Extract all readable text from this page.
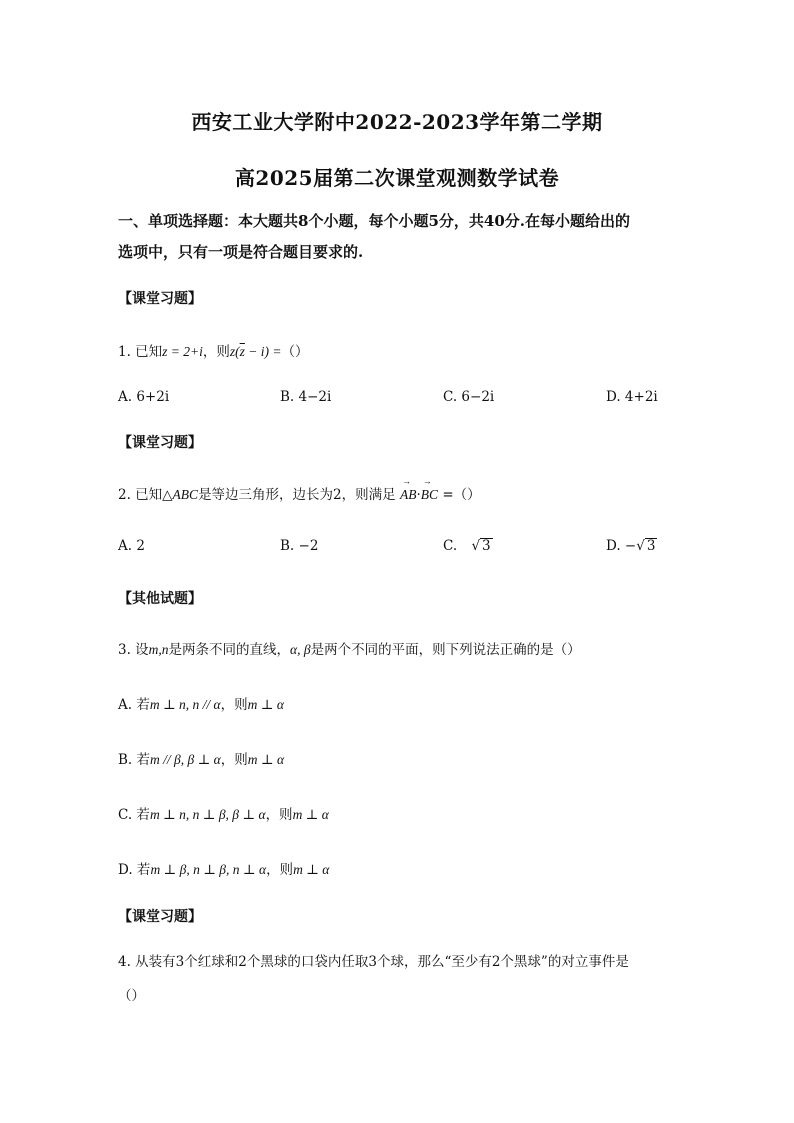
西安工业大学附中2022-2023学年第二学期
高2025届第二次课堂观测数学试卷
一、单项选择题：本大题共8个小题，每个小题5分，共40分.在每小题给出的
选项中，只有一项是符合题目要求的.
【课堂习题】
1. 已知z = 2+i，则$z(\overline{z} - i)$ =（）
A. 6+2i	B. 4−2i	C. 6−2i	D. 4+2i
【课堂习题】
2. 已知△ABC是等边三角形，边长为2，则满足 → AB·→ BC =（）
A. 2	B. −2	C. √ 3	D. −√ 3
【其他试题】
3. 设m,n是两条不同的直线，α, β是两个不同的平面，则下列说法正确的是（）
A. 若m ⊥ n, n // α，则m ⊥ α
B. 若m // β, β ⊥ α，则m ⊥ α
C. 若m ⊥ n, n ⊥ β, β ⊥ α，则m ⊥ α
D. 若m ⊥ β, n ⊥ β, n ⊥ α，则m ⊥ α
【课堂习题】
4. 从装有3个红球和2个黑球的口袋内任取3个球，那么“至少有2个黑球”的对立事件是
（）
